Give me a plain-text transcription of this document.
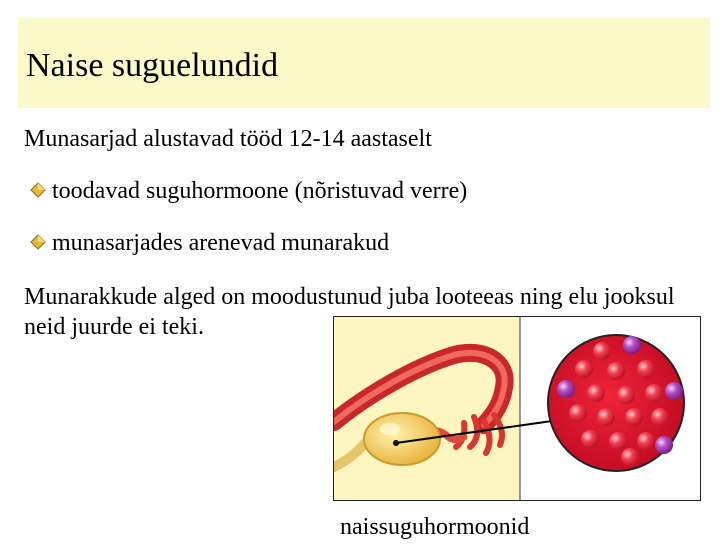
Naise suguelundid
Munasarjad alustavad tööd 12-14 aastaselt
toodavad suguhormoone (nõristuvad verre)
munasarjades arenevad munarakud
Munarakkude alged on moodustunud juba looteeas ning elu jooksul neid juurde ei teki.
naissuguhormoonid
